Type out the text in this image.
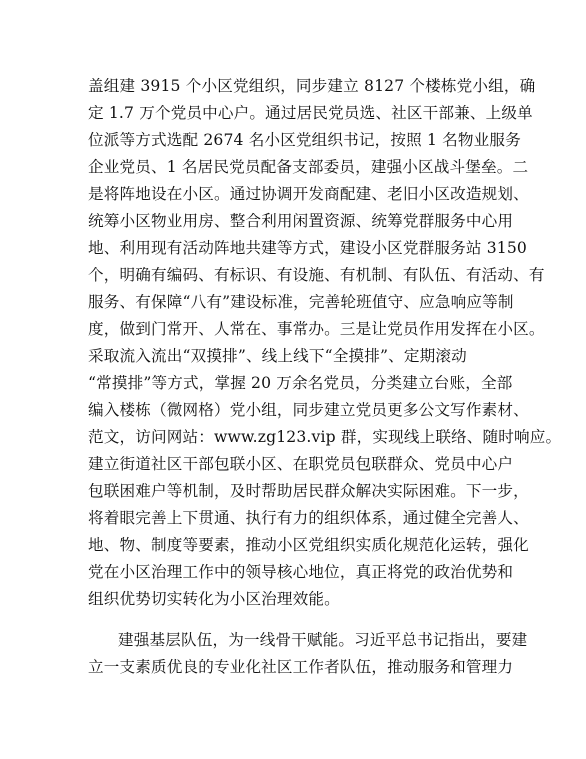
盖组建 3915 个小区党组织，同步建立 8127 个楼栋党小组，确
定 1.7 万个党员中心户。通过居民党员选、社区干部兼、上级单
位派等方式选配 2674 名小区党组织书记，按照 1 名物业服务
企业党员、1 名居民党员配备支部委员，建强小区战斗堡垒。二
是将阵地设在小区。通过协调开发商配建、老旧小区改造规划、
统筹小区物业用房、整合利用闲置资源、统筹党群服务中心用
地、利用现有活动阵地共建等方式，建设小区党群服务站 3150
个，明确有编码、有标识、有设施、有机制、有队伍、有活动、有
服务、有保障“八有”建设标准，完善轮班值守、应急响应等制
度，做到门常开、人常在、事常办。三是让党员作用发挥在小区。
采取流入流出“双摸排”、线上线下“全摸排”、定期滚动
“常摸排”等方式，掌握 20 万余名党员，分类建立台账，全部
编入楼栋（微网格）党小组，同步建立党员更多公文写作素材、
范文，访问网站：www.zg123.vip 群，实现线上联络、随时响应。
建立街道社区干部包联小区、在职党员包联群众、党员中心户
包联困难户等机制，及时帮助居民群众解决实际困难。下一步，
将着眼完善上下贯通、执行有力的组织体系，通过健全完善人、
地、物、制度等要素，推动小区党组织实质化规范化运转，强化
党在小区治理工作中的领导核心地位，真正将党的政治优势和
组织优势切实转化为小区治理效能。
建强基层队伍，为一线骨干赋能。习近平总书记指出，要建
立一支素质优良的专业化社区工作者队伍，推动服务和管理力
